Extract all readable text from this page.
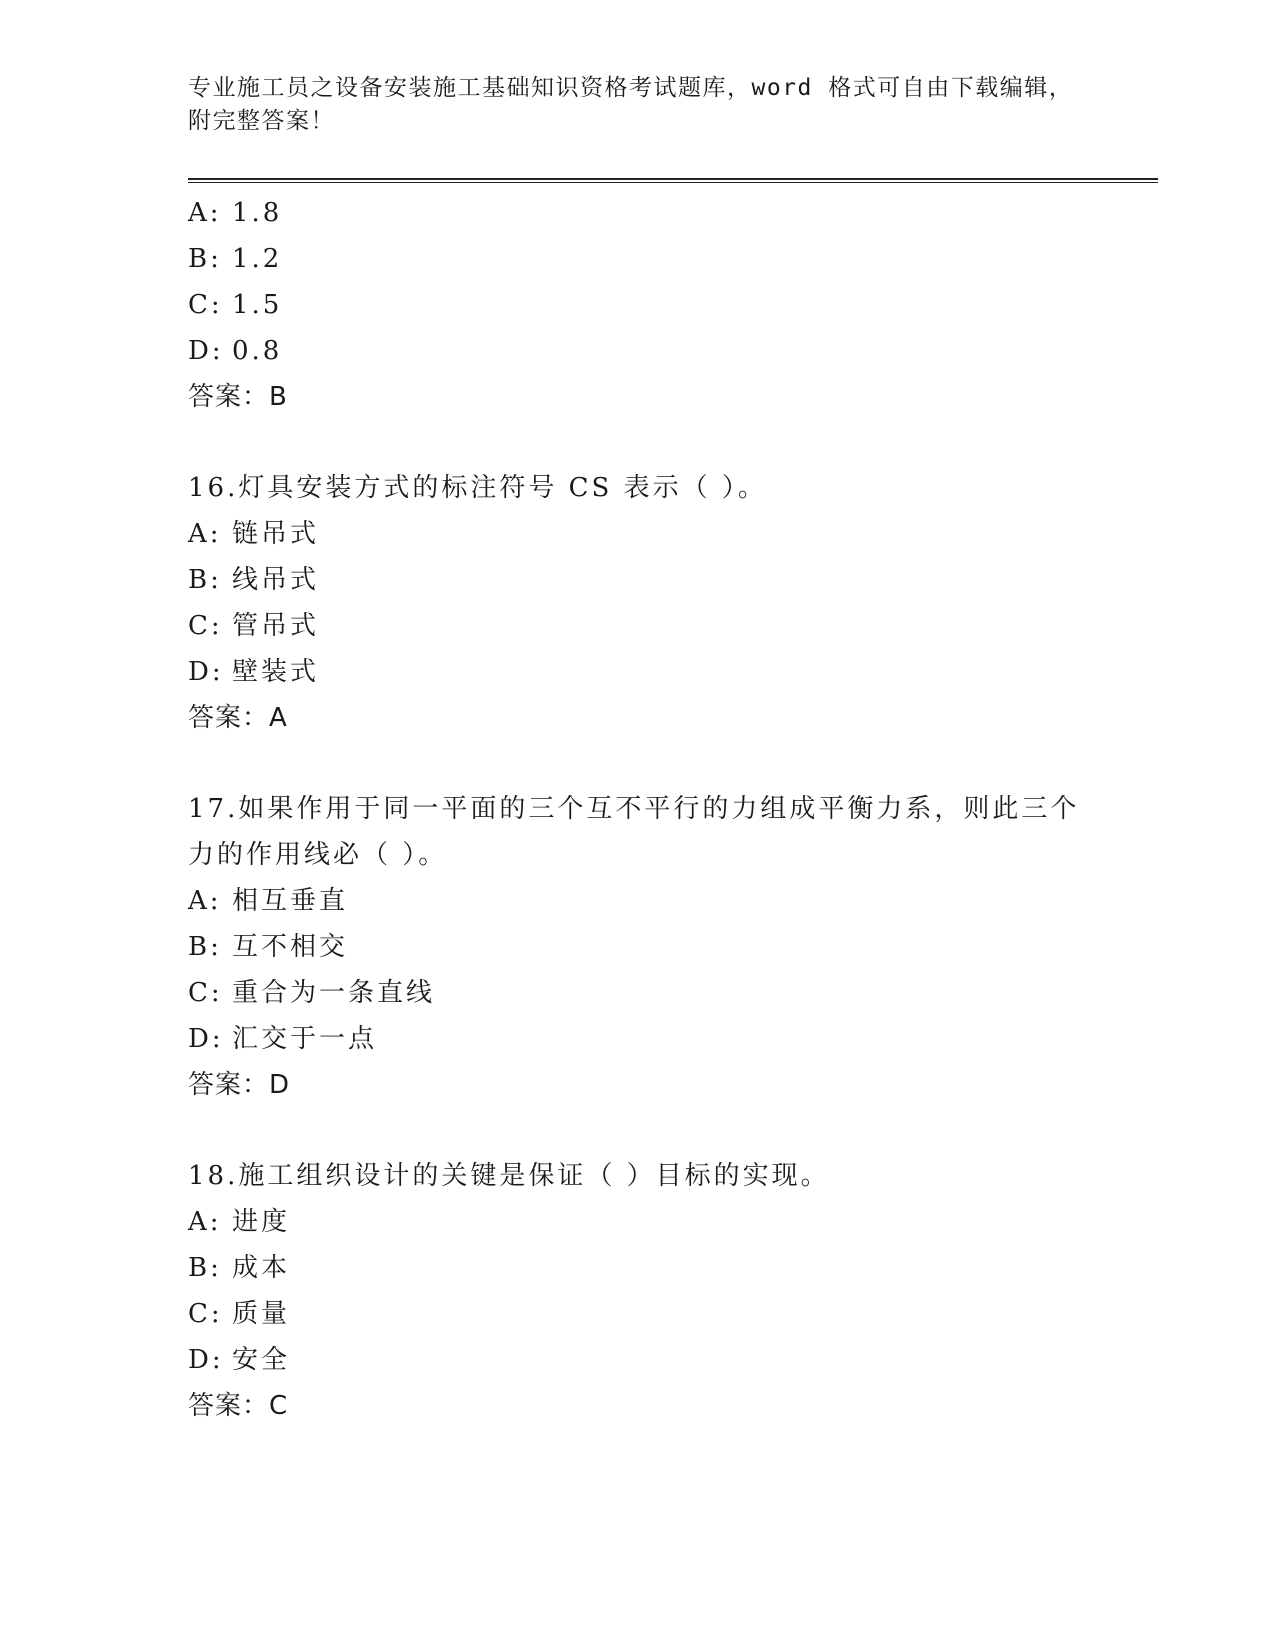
专业施工员之设备安装施工基础知识资格考试题库，word 格式可自由下载编辑，
附完整答案！
A: 1.8
B: 1.2
C: 1.5
D: 0.8
答案：B
16.灯具安装方式的标注符号 CS 表示（ ）。
A: 链吊式
B: 线吊式
C: 管吊式
D: 壁装式
答案：A
17.如果作用于同一平面的三个互不平行的力组成平衡力系，则此三个
力的作用线必（ ）。
A: 相互垂直
B: 互不相交
C: 重合为一条直线
D: 汇交于一点
答案：D
18.施工组织设计的关键是保证（ ）目标的实现。
A: 进度
B: 成本
C: 质量
D: 安全
答案：C
